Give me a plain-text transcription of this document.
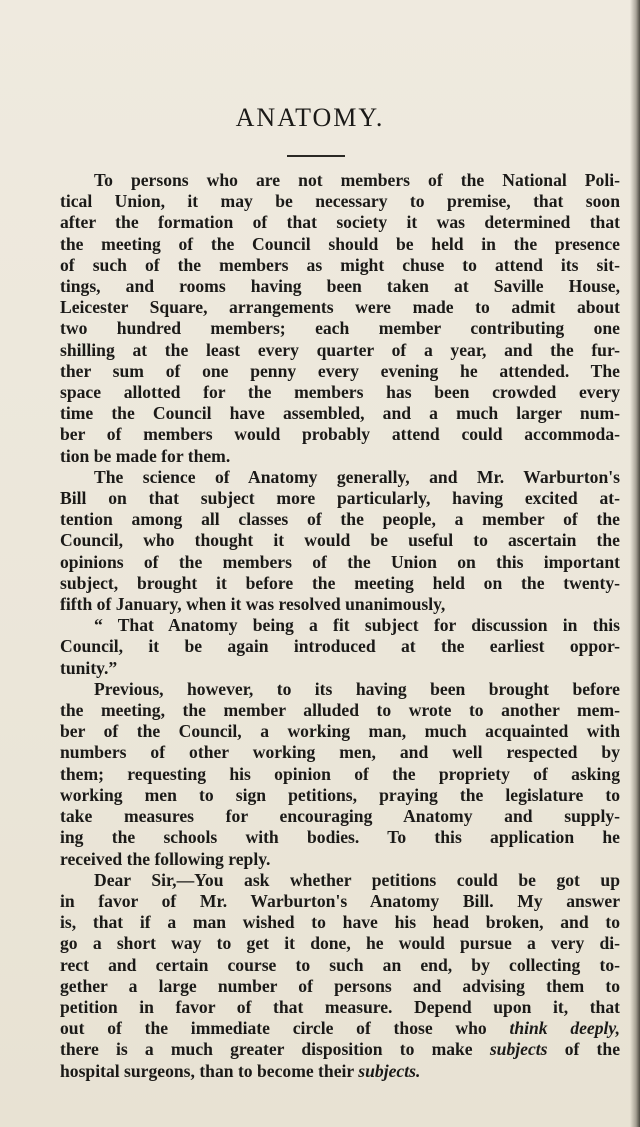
ANATOMY.
To persons who are not members of the National Poli-
tical Union, it may be necessary to premise, that soon
after the formation of that society it was determined that
the meeting of the Council should be held in the presence
of such of the members as might chuse to attend its sit-
tings, and rooms having been taken at Saville House,
Leicester Square, arrangements were made to admit about
two hundred members; each member contributing one
shilling at the least every quarter of a year, and the fur-
ther sum of one penny every evening he attended. The
space allotted for the members has been crowded every
time the Council have assembled, and a much larger num-
ber of members would probably attend could accommoda-
tion be made for them.
The science of Anatomy generally, and Mr. Warburton's
Bill on that subject more particularly, having excited at-
tention among all classes of the people, a member of the
Council, who thought it would be useful to ascertain the
opinions of the members of the Union on this important
subject, brought it before the meeting held on the twenty-
fifth of January, when it was resolved unanimously,
“ That Anatomy being a fit subject for discussion in this
Council, it be again introduced at the earliest oppor-
tunity.”
Previous, however, to its having been brought before
the meeting, the member alluded to wrote to another mem-
ber of the Council, a working man, much acquainted with
numbers of other working men, and well respected by
them; requesting his opinion of the propriety of asking
working men to sign petitions, praying the legislature to
take measures for encouraging Anatomy and supply-
ing the schools with bodies. To this application he
received the following reply.
Dear Sir,—You ask whether petitions could be got up
in favor of Mr. Warburton's Anatomy Bill. My answer
is, that if a man wished to have his head broken, and to
go a short way to get it done, he would pursue a very di-
rect and certain course to such an end, by collecting to-
gether a large number of persons and advising them to
petition in favor of that measure. Depend upon it, that
out of the immediate circle of those who think deeply,
there is a much greater disposition to make subjects of the
hospital surgeons, than to become their subjects.
